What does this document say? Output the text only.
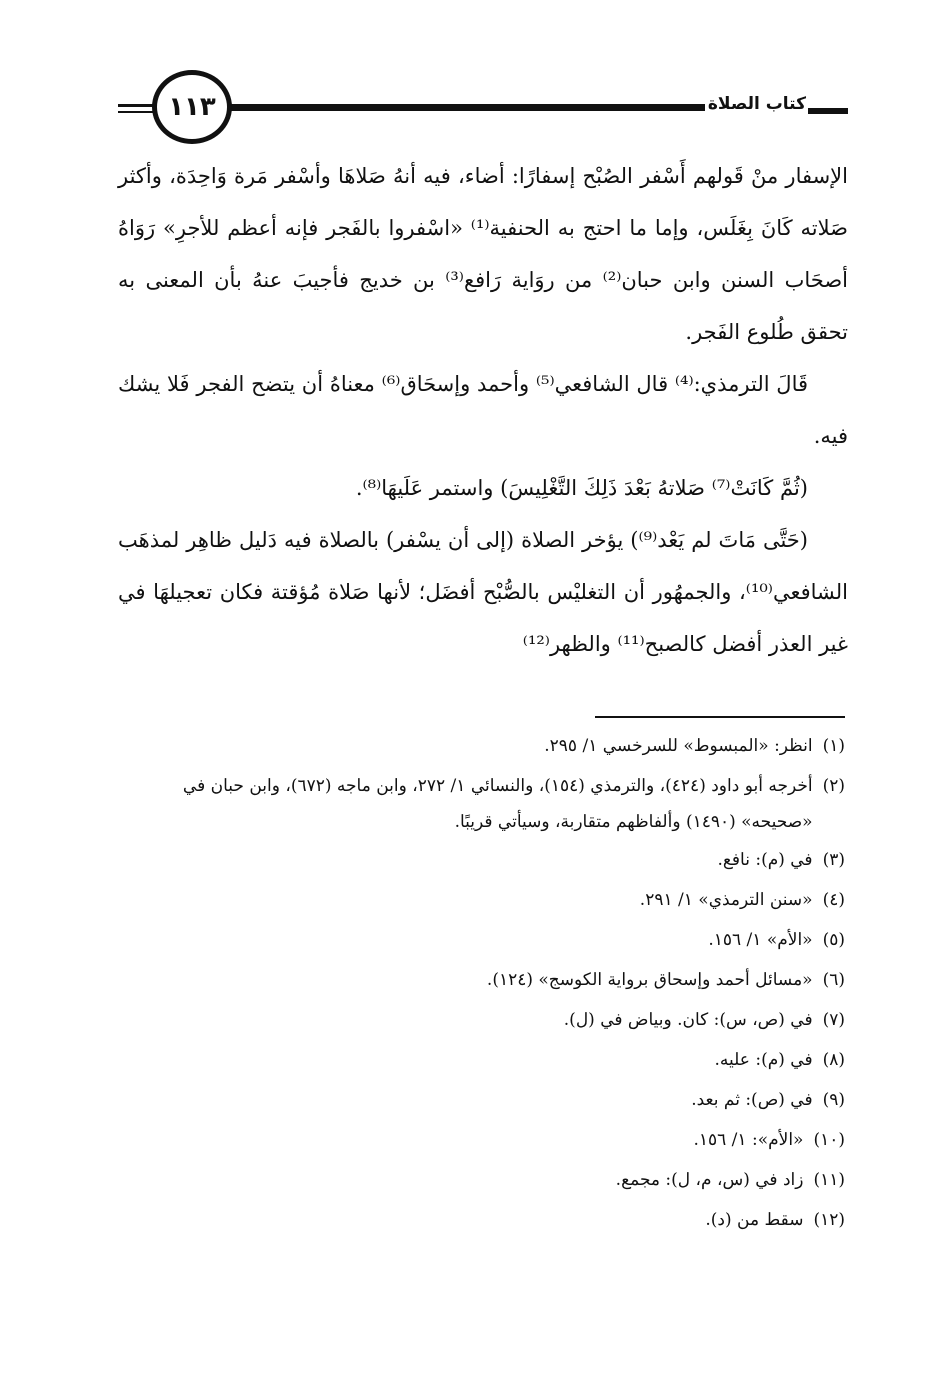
١١٣	كتاب الصلاة

الإسفار منْ قَولهم أَسْفر الصُبْح إسفارًا: أضاء، فيه أنهُ صَلاهَا وأسْفر مَرة وَاحِدَة، وأكثر صَلاته كَانَ بِغَلَس، وإما ما احتج به الحنفية⁽¹⁾ «اسْفروا بالفَجر فإنه أعظم للأجرِ» رَوَاهُ أصحَاب السنن وابن حبان⁽²⁾ من روَاية رَافع⁽³⁾ بن خديج فأجيبَ عنهُ بأن المعنى به تحقق طُلوع الفَجر.

قَالَ الترمذي:⁽⁴⁾ قال الشافعي⁽⁵⁾ وأحمد وإسحَاق⁽⁶⁾ معناهُ أن يتضح الفجر فَلا يشك فيه.

(ثُمَّ كَانَتْ⁽⁷⁾ صَلاتهُ بَعْدَ ذَلِكَ التَّغْلِيسَ) واستمر عَلَيهَا⁽⁸⁾.

(حَتَّى مَاتَ لم يَعْد⁽⁹⁾) يؤخر الصلاة (إلى أن يسْفر) بالصلاة فيه دَليل ظاهِر لمذهَب الشافعي⁽¹⁰⁾، والجمهُور أن التغليْس بالصُّبْح أفضَل؛ لأنها صَلاة مُؤقتة فكان تعجيلهَا في غير العذر أفضل كالصبح⁽¹¹⁾ والظهر⁽¹²⁾

(١)
انظر: «المبسوط» للسرخسي ١/ ٢٩٥.
(٢)
أخرجه أبو داود (٤٢٤)، والترمذي (١٥٤)، والنسائي ١/ ٢٧٢، وابن ماجه (٦٧٢)، وابن حبان في «صحيحه» (١٤٩٠) وألفاظهم متقاربة، وسيأتي قريبًا.
(٣)
في (م): نافع.
(٤)
«سنن الترمذي» ١/ ٢٩١.
(٥)
«الأم» ١/ ١٥٦.
(٦)
«مسائل أحمد وإسحاق برواية الكوسج» (١٢٤).
(٧)
في (ص، س): كان. وبياض في (ل).
(٨)
في (م): عليه.
(٩)
في (ص): ثم بعد.
(١٠)
«الأم»: ١/ ١٥٦.
(١١)
زاد في (س، م، ل): مجمع.
(١٢)
سقط من (د).
